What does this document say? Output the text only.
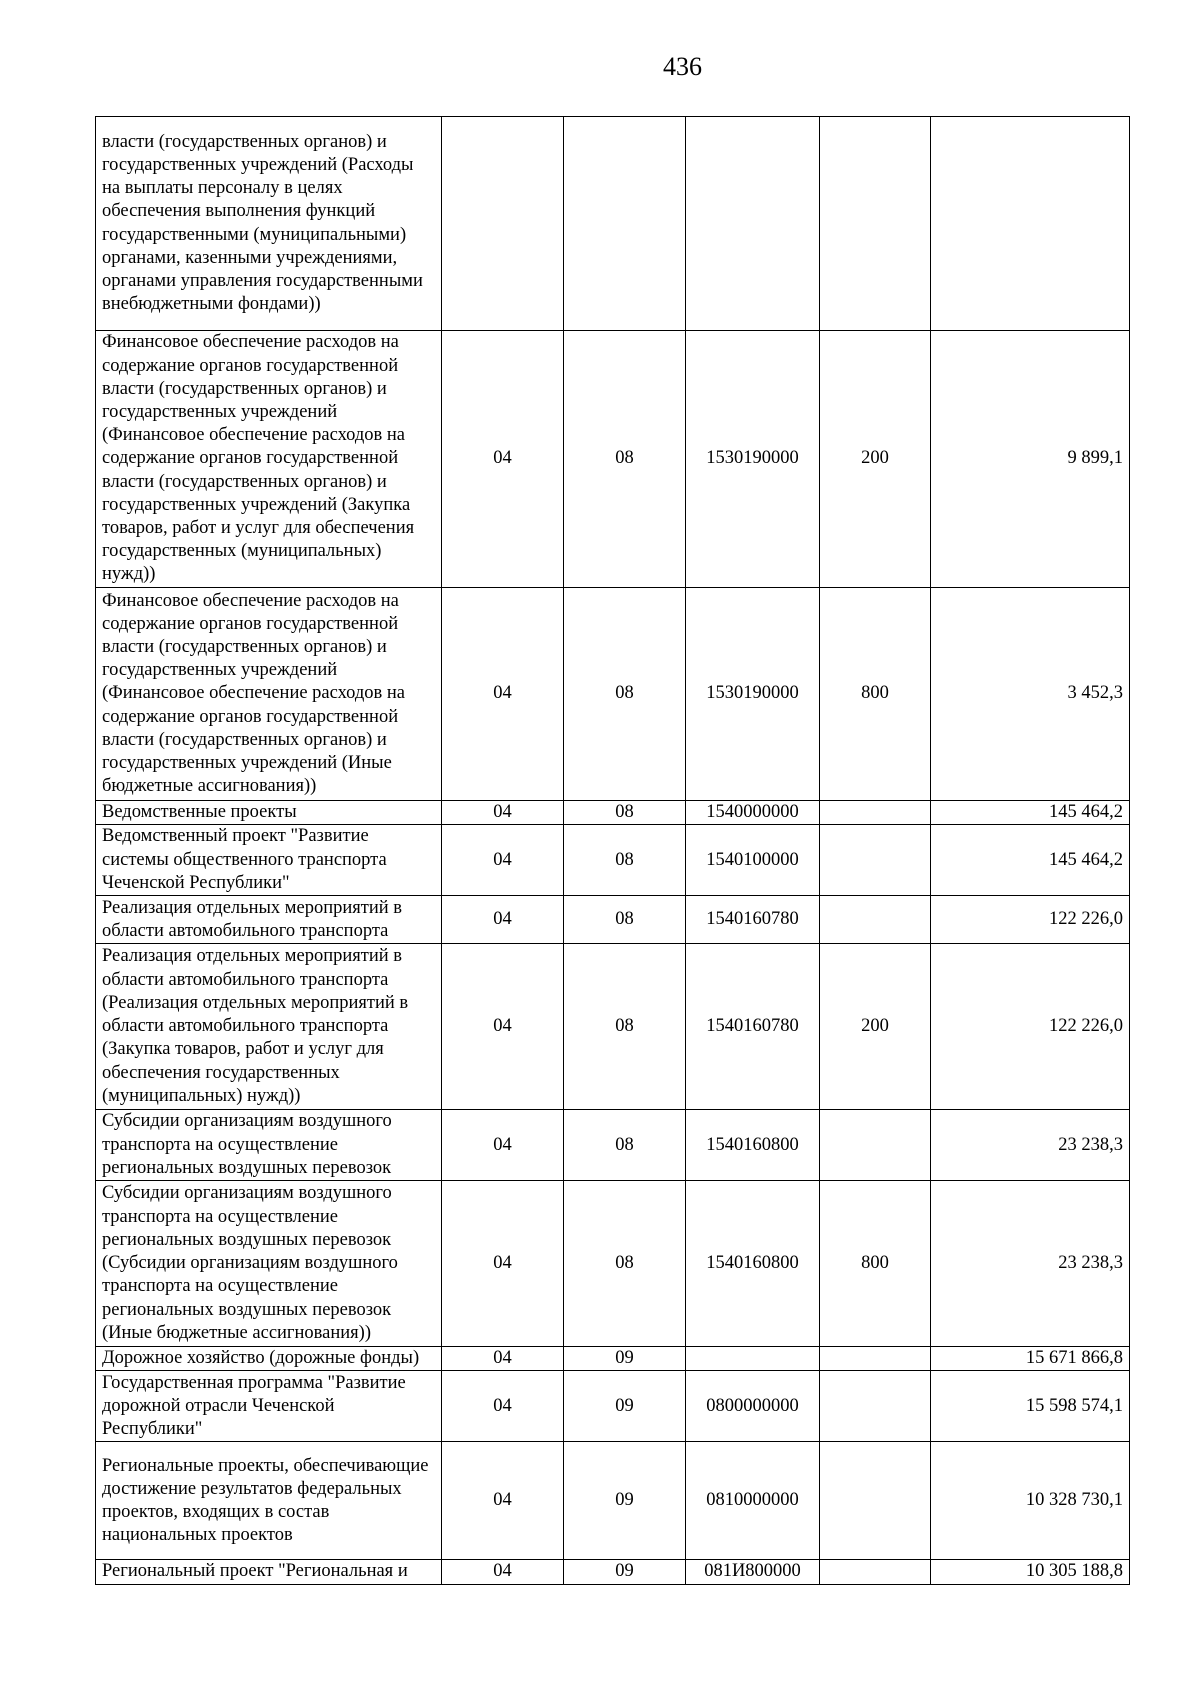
436
власти (государственных органов) и государственных учреждений (Расходы на выплаты персоналу в целях обеспечения выполнения функций государственными (муниципальными) органами, казенными учреждениями, органами управления государственными внебюджетными фондами))					
Финансовое обеспечение расходов на содержание органов государственной власти (государственных органов) и государственных учреждений (Финансовое обеспечение расходов на содержание органов государственной власти (государственных органов) и государственных учреждений (Закупка товаров, работ и услуг для обеспечения государственных (муниципальных) нужд))	04	08	1530190000	200	9 899,1
Финансовое обеспечение расходов на содержание органов государственной власти (государственных органов) и государственных учреждений (Финансовое обеспечение расходов на содержание органов государственной власти (государственных органов) и государственных учреждений (Иные бюджетные ассигнования))	04	08	1530190000	800	3 452,3
Ведомственные проекты	04	08	1540000000		145 464,2
Ведомственный проект "Развитие системы общественного транспорта Чеченской Республики"	04	08	1540100000		145 464,2
Реализация отдельных мероприятий в области автомобильного транспорта	04	08	1540160780		122 226,0
Реализация отдельных мероприятий в области автомобильного транспорта (Реализация отдельных мероприятий в области автомобильного транспорта (Закупка товаров, работ и услуг для обеспечения государственных (муниципальных) нужд))	04	08	1540160780	200	122 226,0
Субсидии организациям воздушного транспорта на осуществление региональных воздушных перевозок	04	08	1540160800		23 238,3
Субсидии организациям воздушного транспорта на осуществление региональных воздушных перевозок (Субсидии организациям воздушного транспорта на осуществление региональных воздушных перевозок (Иные бюджетные ассигнования))	04	08	1540160800	800	23 238,3
Дорожное хозяйство (дорожные фонды)	04	09			15 671 866,8
Государственная программа "Развитие дорожной отрасли Чеченской Республики"	04	09	0800000000		15 598 574,1
Региональные проекты, обеспечивающие достижение результатов федеральных проектов, входящих в состав национальных проектов	04	09	0810000000		10 328 730,1
Региональный проект "Региональная и	04	09	081И800000		10 305 188,8
